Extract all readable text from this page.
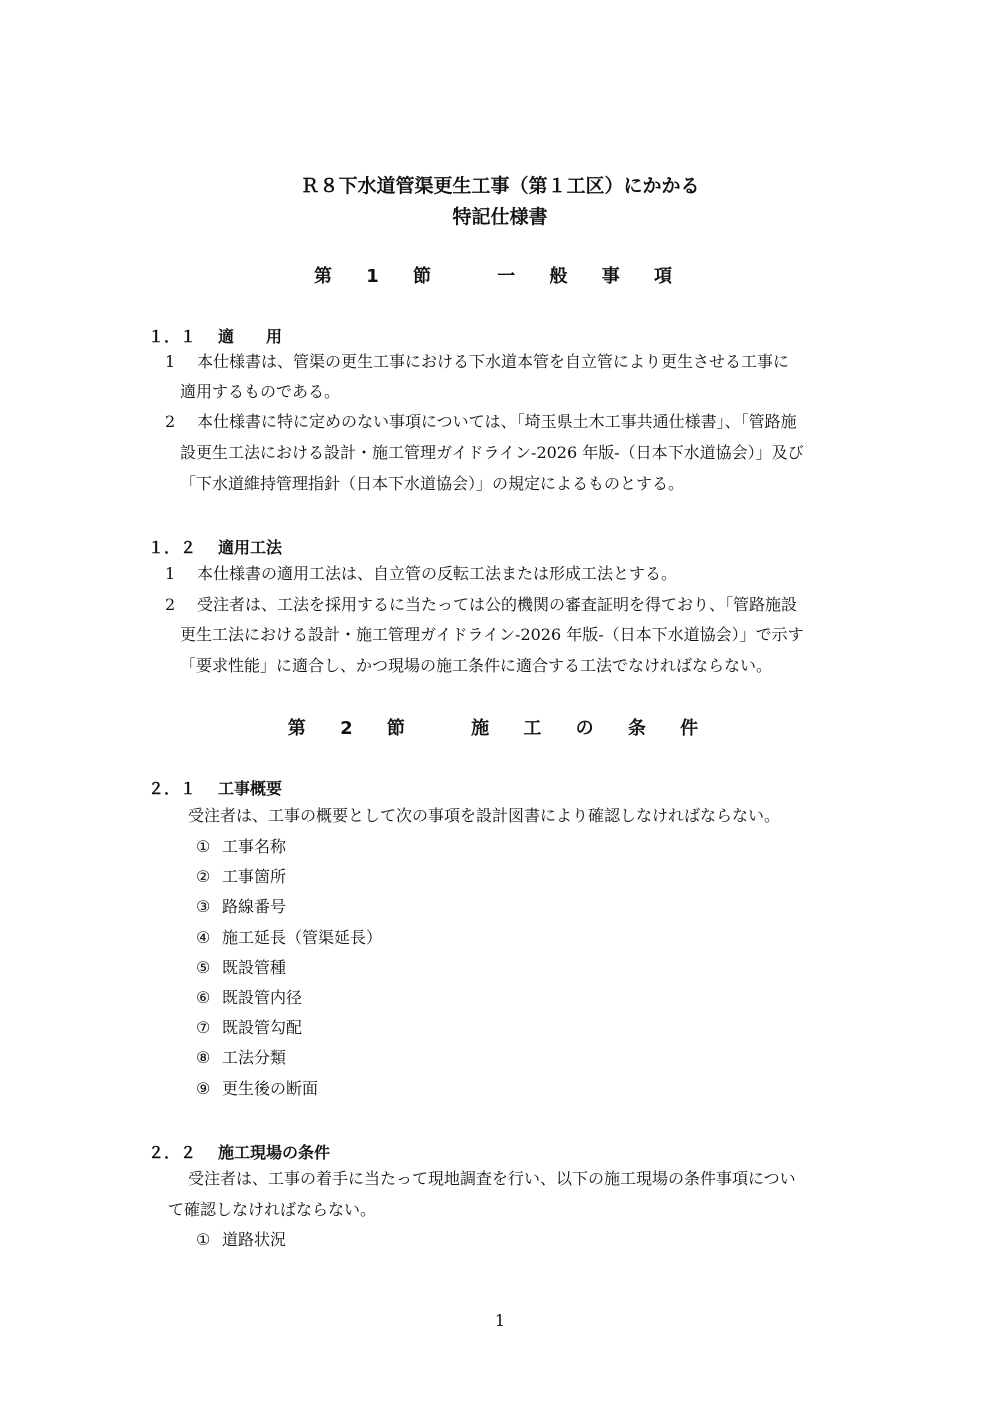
Ｒ８下水道管渠更生工事（第１工区）にかかる
特記仕様書
第 1 節 　一 般 事 項
１．１ 適　　用
1 本仕様書は、管渠の更生工事における下水道本管を自立管により更生させる工事に
適用するものである。
2 本仕様書に特に定めのない事項については、「埼玉県土木工事共通仕様書」、「管路施
設更生工法における設計・施工管理ガイドライン-2026 年版-（日本下水道協会）」及び
「下水道維持管理指針（日本下水道協会）」の規定によるものとする。
１．２ 適用工法
1 本仕様書の適用工法は、自立管の反転工法または形成工法とする。
2 受注者は、工法を採用するに当たっては公的機関の審査証明を得ており、「管路施設
更生工法における設計・施工管理ガイドライン-2026 年版-（日本下水道協会）」で示す
「要求性能」に適合し、かつ現場の施工条件に適合する工法でなければならない。
第 2 節 　施 工 の 条 件
２．１ 工事概要
受注者は、工事の概要として次の事項を設計図書により確認しなければならない。
① 工事名称
② 工事箇所
③ 路線番号
④ 施工延長（管渠延長）
⑤ 既設管種
⑥ 既設管内径
⑦ 既設管勾配
⑧ 工法分類
⑨ 更生後の断面
２．２ 施工現場の条件
受注者は、工事の着手に当たって現地調査を行い、以下の施工現場の条件事項につい
て確認しなければならない。
① 道路状況
1
